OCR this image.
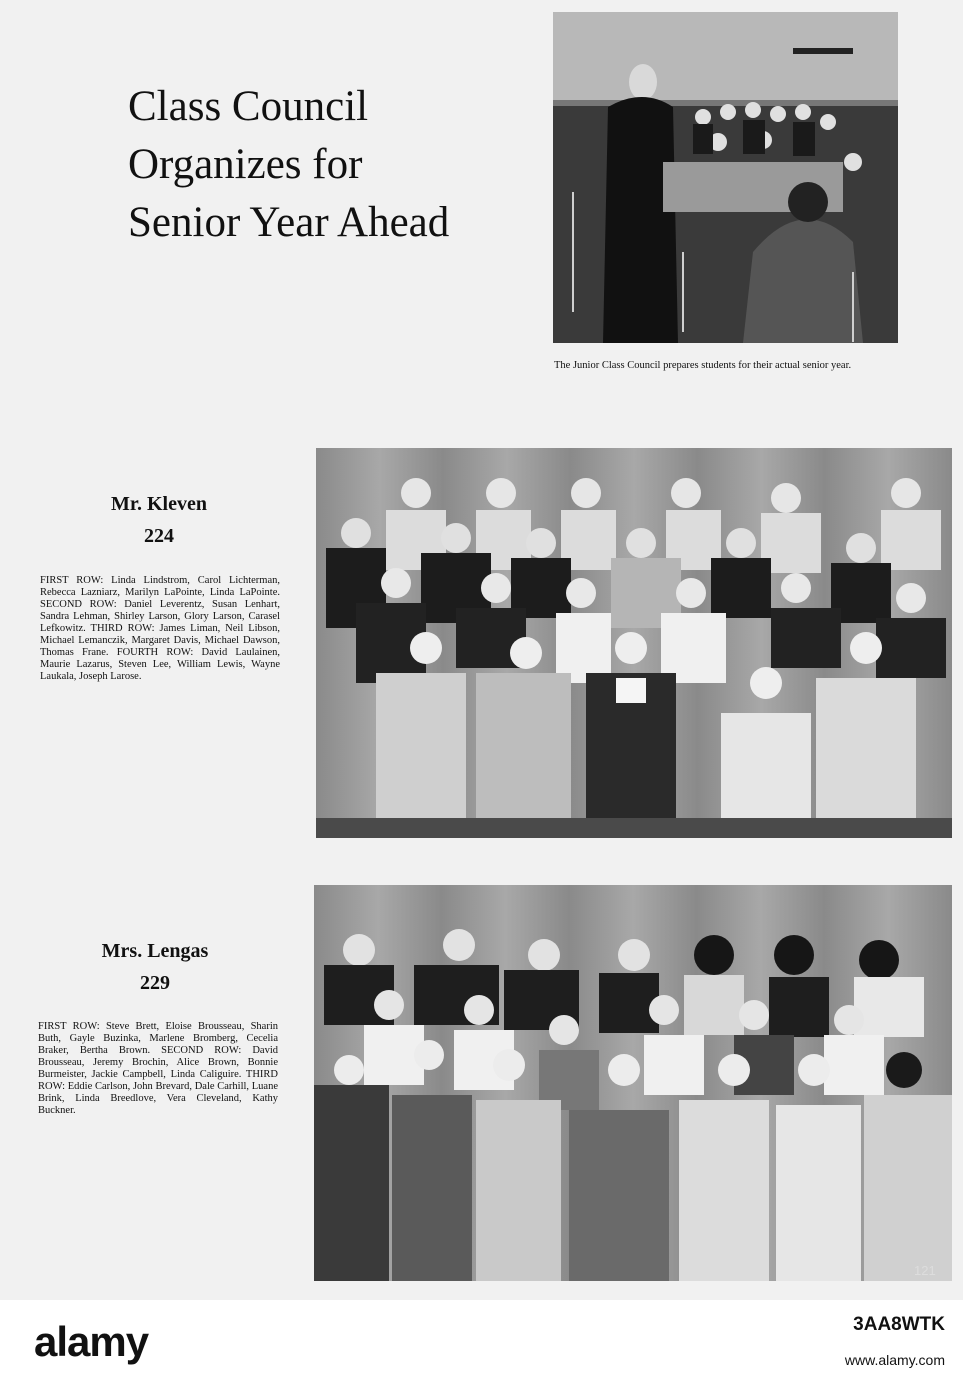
Class Council Organizes for Senior Year Ahead
The Junior Class Council prepares students for their actual senior year.
Mr. Kleven
224
FIRST ROW: Linda Lindstrom, Carol Lichterman, Rebecca Lazniarz, Marilyn LaPointe, Linda LaPointe. SECOND ROW: Daniel Leverentz, Susan Lenhart, Sandra Lehman, Shirley Larson, Glory Larson, Carasel Lefkowitz. THIRD ROW: James Liman, Neil Libson, Michael Lemanczik, Margaret Davis, Michael Dawson, Thomas Frane. FOURTH ROW: David Laulainen, Maurie Lazarus, Steven Lee, William Lewis, Wayne Laukala, Joseph Larose.
Mrs. Lengas
229
FIRST ROW: Steve Brett, Eloise Brousseau, Sharin Buth, Gayle Buzinka, Marlene Bromberg, Cecelia Braker, Bertha Brown. SECOND ROW: David Brousseau, Jeremy Brochin, Alice Brown, Bonnie Burmeister, Jackie Campbell, Linda Caliguire. THIRD ROW: Eddie Carlson, John Brevard, Dale Carhill, Luane Brink, Linda Breedlove, Vera Cleveland, Kathy Buckner.
121

alamy	3AA8WTK
www.alamy.com
